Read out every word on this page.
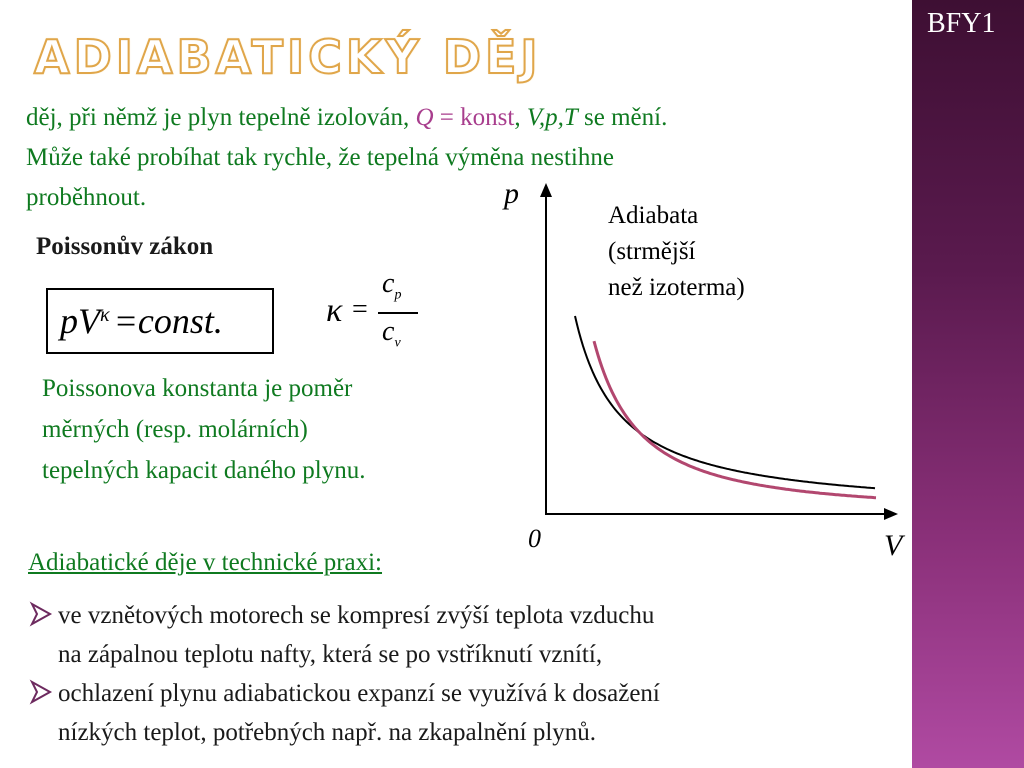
BFY1
ADIABATICKÝ DĚJ
děj, při němž je plyn tepelně izolován, Q = konst, V,p,T se mění.
Může také probíhat tak rychle, že tepelná výměna nestihne
proběhnout.
Poissonův zákon
$pV^\kappa$ =const.	κ =
$c_p$
$c_v$
Poissonova konstanta je poměr
měrných (resp. molárních)
tepelných kapacit daného plynu.
p
V
0
Adiabata
(strmější
než izoterma)
Adiabatické děje v technické praxi:
ve vznětových motorech se kompresí zvýší teplota vzduchu
na zápalnou teplotu nafty, která se po vstříknutí vznítí,
ochlazení plynu adiabatickou expanzí se využívá k dosažení
nízkých teplot, potřebných např. na zkapalnění plynů.
